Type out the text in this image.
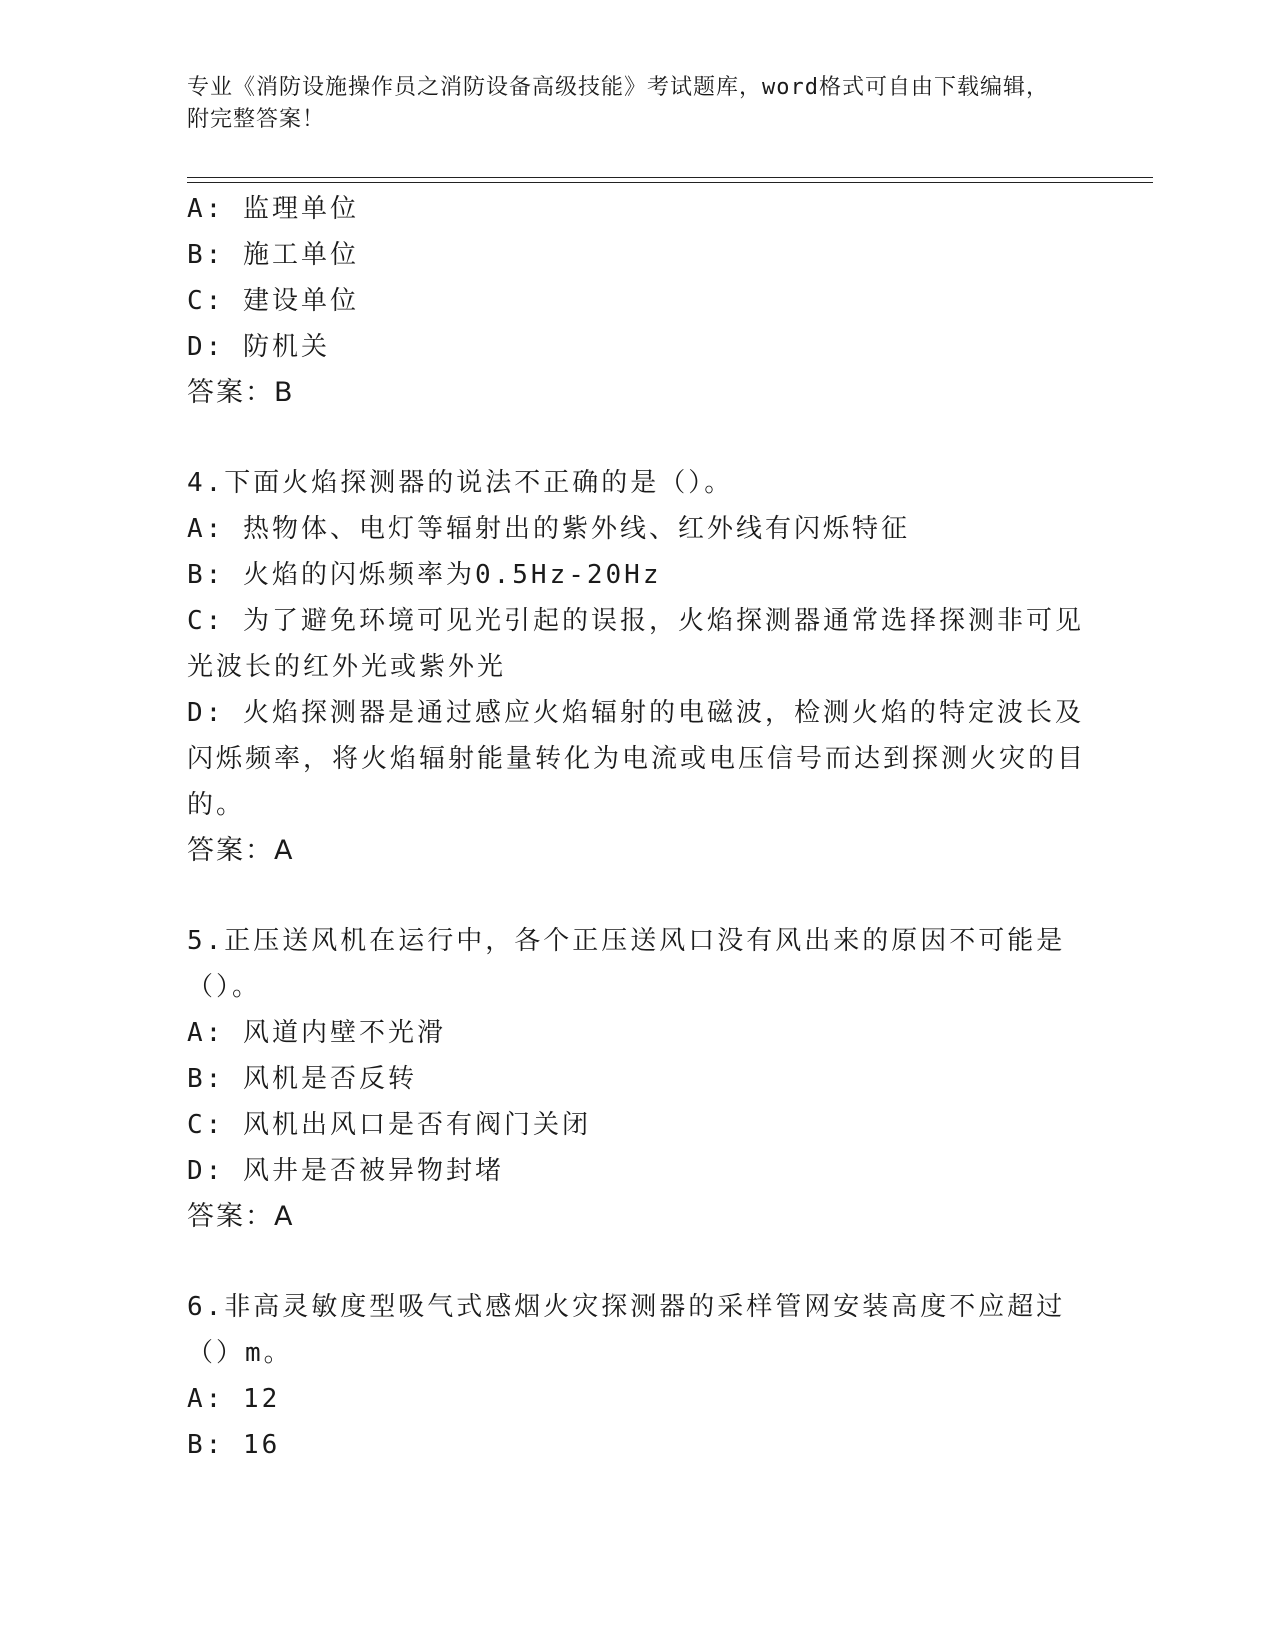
专业《消防设施操作员之消防设备高级技能》考试题库，word格式可自由下载编辑，附完整答案！
A: 监理单位
B: 施工单位
C: 建设单位
D: 防机关
答案：B
4.下面火焰探测器的说法不正确的是（）。
A: 热物体、电灯等辐射出的紫外线、红外线有闪烁特征
B: 火焰的闪烁频率为0.5Hz-20Hz
C: 为了避免环境可见光引起的误报，火焰探测器通常选择探测非可见光波长的红外光或紫外光
D: 火焰探测器是通过感应火焰辐射的电磁波，检测火焰的特定波长及闪烁频率，将火焰辐射能量转化为电流或电压信号而达到探测火灾的目的。
答案：A
5.正压送风机在运行中，各个正压送风口没有风出来的原因不可能是（）。
A: 风道内壁不光滑
B: 风机是否反转
C: 风机出风口是否有阀门关闭
D: 风井是否被异物封堵
答案：A
6.非高灵敏度型吸气式感烟火灾探测器的采样管网安装高度不应超过（）m。
A: 12
B: 16
